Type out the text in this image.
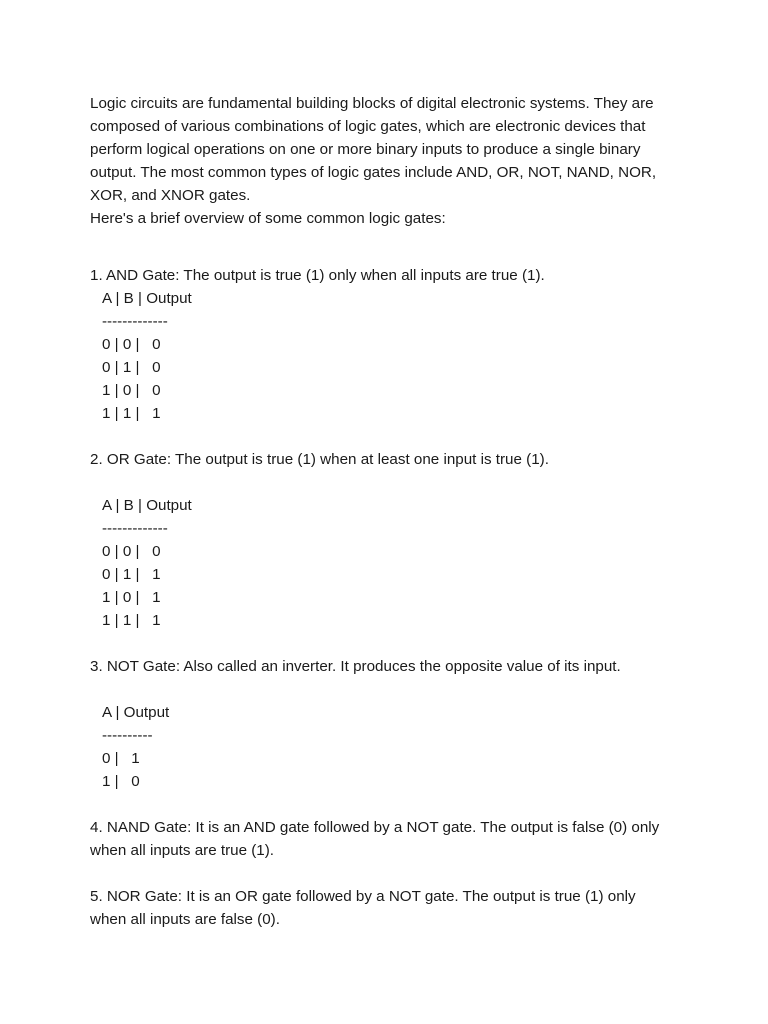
Logic circuits are fundamental building blocks of digital electronic systems. They are

composed of various combinations of logic gates, which are electronic devices that

perform logical operations on one or more binary inputs to produce a single binary

output. The most common types of logic gates include AND, OR, NOT, NAND, NOR,

XOR, and XNOR gates.

Here's a brief overview of some common logic gates:

1. AND Gate: The output is true (1) only when all inputs are true (1).

A | B | Output

-------------

0 | 0 |   0

0 | 1 |   0

1 | 0 |   0

1 | 1 |   1

2. OR Gate: The output is true (1) when at least one input is true (1).

A | B | Output

-------------

0 | 0 |   0

0 | 1 |   1

1 | 0 |   1

1 | 1 |   1

3. NOT Gate: Also called an inverter. It produces the opposite value of its input.

A | Output

----------

0 |   1

1 |   0

4. NAND Gate: It is an AND gate followed by a NOT gate. The output is false (0) only

when all inputs are true (1).

5. NOR Gate: It is an OR gate followed by a NOT gate. The output is true (1) only

when all inputs are false (0).
